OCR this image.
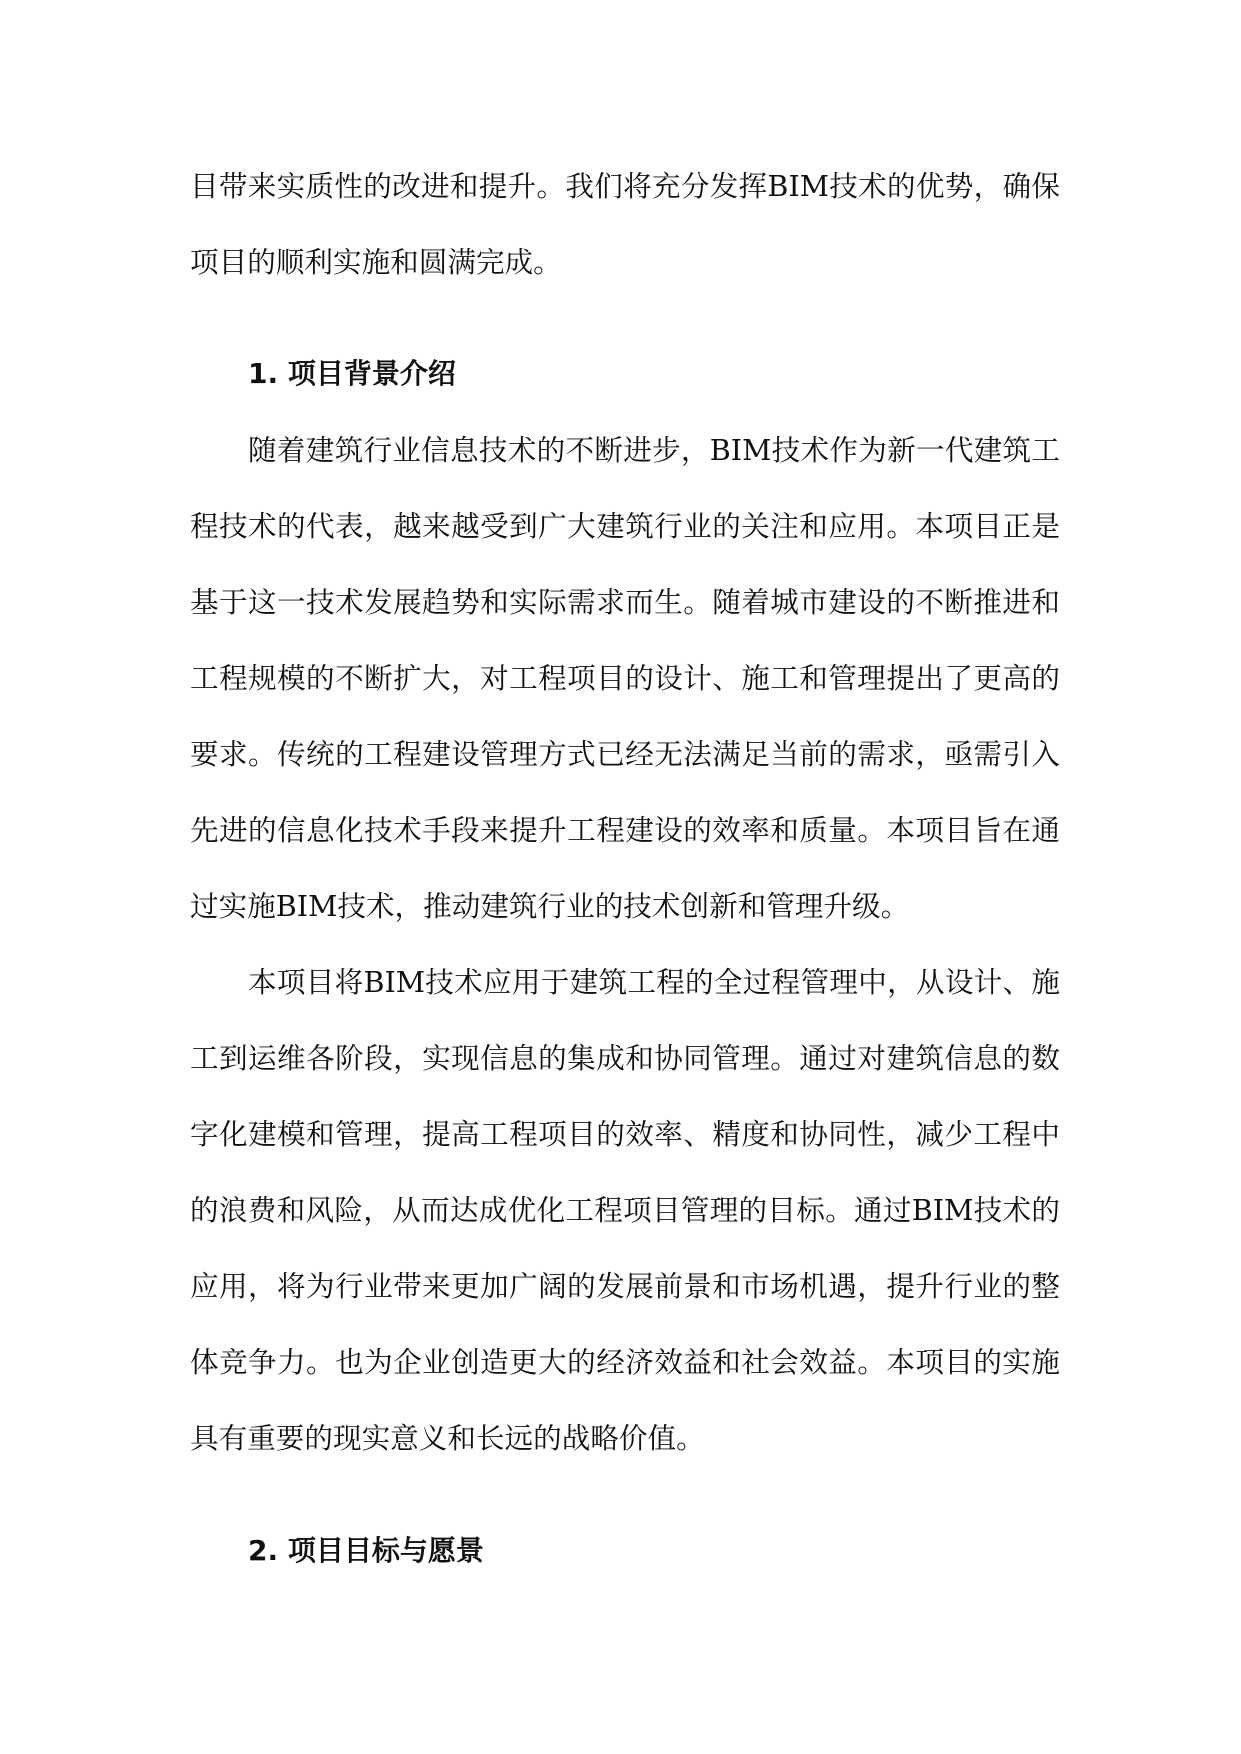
目带来实质性的改进和提升。我们将充分发挥BIM技术的优势，确保项目的顺利实施和圆满完成。

1. 项目背景介绍

随着建筑行业信息技术的不断进步，BIM技术作为新一代建筑工程技术的代表，越来越受到广大建筑行业的关注和应用。本项目正是基于这一技术发展趋势和实际需求而生。随着城市建设的不断推进和工程规模的不断扩大，对工程项目的设计、施工和管理提出了更高的要求。传统的工程建设管理方式已经无法满足当前的需求，亟需引入先进的信息化技术手段来提升工程建设的效率和质量。本项目旨在通过实施BIM技术，推动建筑行业的技术创新和管理升级。

本项目将BIM技术应用于建筑工程的全过程管理中，从设计、施工到运维各阶段，实现信息的集成和协同管理。通过对建筑信息的数字化建模和管理，提高工程项目的效率、精度和协同性，减少工程中的浪费和风险，从而达成优化工程项目管理的目标。通过BIM技术的应用，将为行业带来更加广阔的发展前景和市场机遇，提升行业的整体竞争力。也为企业创造更大的经济效益和社会效益。本项目的实施具有重要的现实意义和长远的战略价值。

2. 项目目标与愿景
